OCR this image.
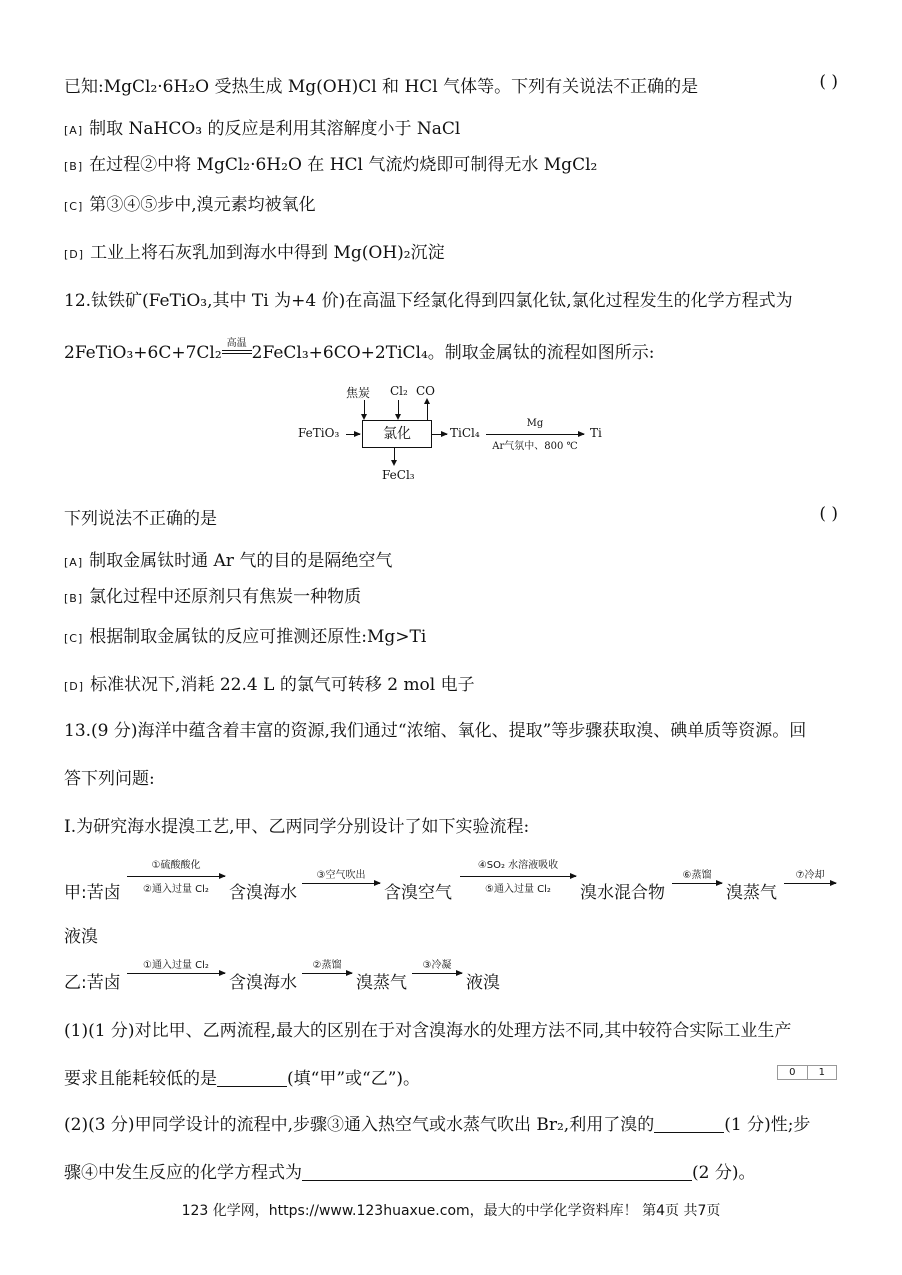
已知:MgCl₂·6H₂O 受热生成 Mg(OH)Cl 和 HCl 气体等。下列有关说法不正确的是	( )
[A] 制取 NaHCO₃ 的反应是利用其溶解度小于 NaCl
[B] 在过程②中将 MgCl₂·6H₂O 在 HCl 气流灼烧即可制得无水 MgCl₂
[C] 第③④⑤步中,溴元素均被氧化
[D] 工业上将石灰乳加到海水中得到 Mg(OH)₂沉淀
12.钛铁矿(FeTiO₃,其中 Ti 为+4 价)在高温下经氯化得到四氯化钛,氯化过程发生的化学方程式为
2FeTiO₃+6C+7Cl₂ 高温 2FeCl₃+6CO+2TiCl₄。制取金属钛的流程如图所示:
焦炭 Cl₂ CO
FeTiO₃	氯化	TiCl₄
Mg
Ar气氛中、800 ℃
Ti
FeCl₃
下列说法不正确的是	( )
[A] 制取金属钛时通 Ar 气的目的是隔绝空气
[B] 氯化过程中还原剂只有焦炭一种物质
[C] 根据制取金属钛的反应可推测还原性:Mg>Ti
[D] 标准状况下,消耗 22.4 L 的氯气可转移 2 mol 电子
13.(9 分)海洋中蕴含着丰富的资源,我们通过“浓缩、氧化、提取”等步骤获取溴、碘单质等资源。回
答下列问题:
Ⅰ.为研究海水提溴工艺,甲、乙两同学分别设计了如下实验流程:
甲:苦卤
①硫酸酸化
②通入过量 Cl₂	含溴海水
③空气吹出
含溴空气
④SO₂ 水溶液吸收
⑤通入过量 Cl₂	溴水混合物
⑥蒸馏
溴蒸气
⑦冷却
液溴
乙:苦卤
①通入过量 Cl₂
含溴海水
②蒸馏
溴蒸气
③冷凝
液溴
(1)(1 分)对比甲、乙两流程,最大的区别在于对含溴海水的处理方法不同,其中较符合实际工业生产
要求且能耗较低的是	(填“甲”或“乙”)。	0	1
(2)(3 分)甲同学设计的流程中,步骤③通入热空气或水蒸气吹出 Br₂,利用了溴的	(1 分)性;步
骤④中发生反应的化学方程式为	(2 分)。
123 化学网，https://www.123huaxue.com，最大的中学化学资料库！ 第4页 共7页
